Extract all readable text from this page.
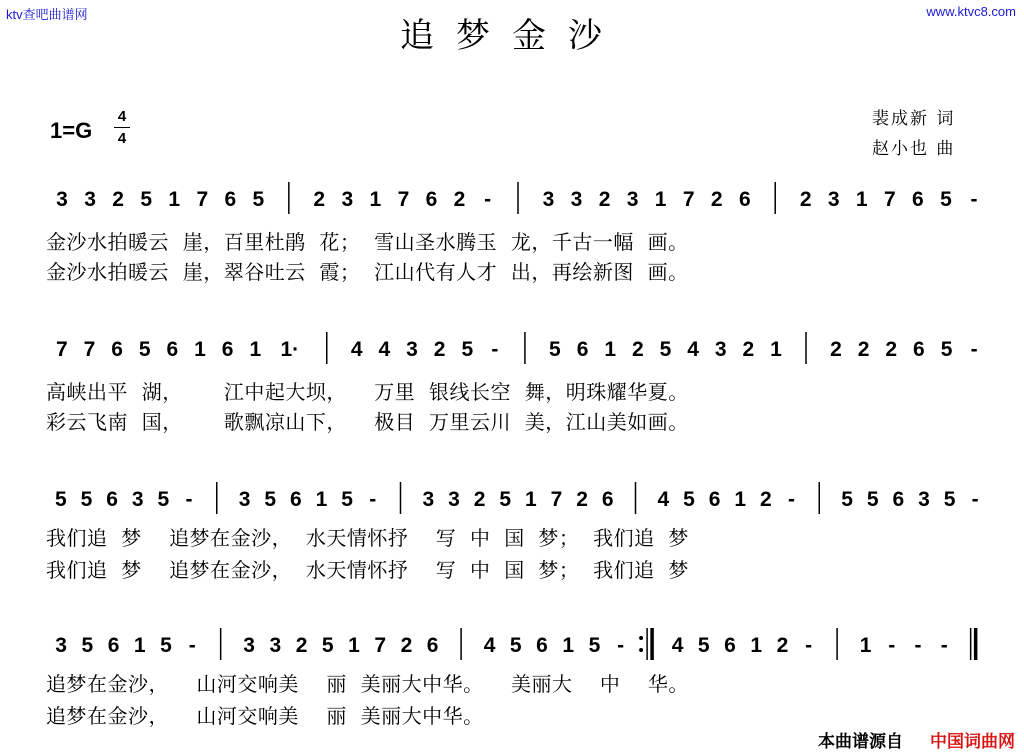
ktv查吧曲谱网	www.ktvc8.com
追梦金沙
裴成新 词
赵小也 曲
1=G
4
4
3 3 2 5 1 7 6 5 2 3 1 7 6 2 - 3 3 2 3 1 7 2 6 2 3 1 7 6 5 -
金沙水拍暖云  崖，百里杜鹃  花；  雪山圣水腾玉  龙，千古一幅  画。
金沙水拍暖云  崖，翠谷吐云  霞；  江山代有人才  出，再绘新图  画。
7 7 6 5 6 1 6 1 1· 4 4 3 2 5 - 5 6 1 2 5 4 3 2 1 2 2 2 6 5 -
高峡出平  湖，      江中起大坝，    万里  银线长空  舞，明珠耀华夏。
彩云飞南  国，      歌飘凉山下，    极目  万里云川  美，江山美如画。
5 5 6 3 5 - 3 5 6 1 5 - 3 3 2 5 1 7 2 6 4 5 6 1 2 - 5 5 6 3 5 -
我们追  梦    追梦在金沙，  水天情怀抒    写  中  国  梦；  我们追  梦
我们追  梦    追梦在金沙，  水天情怀抒    写  中  国  梦；  我们追  梦
3 5 6 1 5 - 3 3 2 5 1 7 2 6 4 5 6 1 5 - 4 5 6 1 2 - 1 - - -
追梦在金沙，    山河交响美    丽  美丽大中华。    美丽大    中    华。
追梦在金沙，    山河交响美    丽  美丽大中华。
本曲谱源自 中国词曲网
